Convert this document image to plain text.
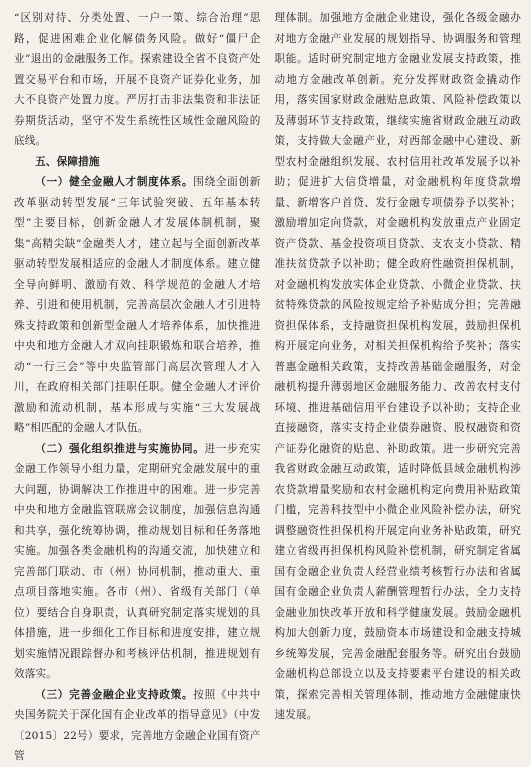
“区别对待、分类处置、一户一策、综合治理”思路，促进困难企业化解债务风险。做好“僵尸企业”退出的金融服务工作。探索建设全省不良资产处置交易平台和市场，开展不良资产证券化业务，加大不良资产处置力度。严厉打击非法集资和非法证券期货活动，坚守不发生系统性区域性金融风险的底线。

五、保障措施

（一）健全金融人才制度体系。围绕全面创新改革驱动转型发展“三年试验突破、五年基本转型”主要目标，创新金融人才发展体制机制，聚集“高精尖缺”金融类人才，建立起与全面创新改革驱动转型发展相适应的金融人才制度体系。建立健全导向鲜明、激励有效、科学规范的金融人才培养、引进和使用机制，完善高层次金融人才引进特殊支持政策和创新型金融人才培养体系，加快推进中央和地方金融人才双向挂职锻炼和联合培养，推动“一行三会”等中央监管部门高层次管理人才入川，在政府相关部门挂职任职。健全金融人才评价激励和流动机制，基本形成与实施“三大发展战略”相匹配的金融人才队伍。

（二）强化组织推进与实施协同。进一步充实金融工作领导小组力量，定期研究金融发展中的重大问题，协调解决工作推进中的困难。进一步完善中央和地方金融监管联席会议制度，加强信息沟通和共享，强化统筹协调，推动规划目标和任务落地实施。加强各类金融机构的沟通交流，加快建立和完善部门联动、市（州）协同机制，推动重大、重点项目落地实施。各市（州）、省级有关部门（单位）要结合自身职责，认真研究制定落实规划的具体措施，进一步细化工作目标和进度安排，建立规划实施情况跟踪督办和考核评估机制，推进规划有效落实。

（三）完善金融企业支持政策。按照《中共中央国务院关于深化国有企业改革的指导意见》（中发〔2015〕22号）要求，完善地方金融企业国有资产管

理体制。加强地方金融企业建设，强化各级金融办对地方金融产业发展的规划指导、协调服务和管理职能。适时研究制定地方金融业发展支持政策，推动地方金融改革创新。充分发挥财政资金撬动作用，落实国家财政金融贴息政策、风险补偿政策以及薄弱环节支持政策，继续实施省财政金融互动政策，支持做大金融产业，对西部金融中心建设、新型农村金融组织发展、农村信用社改革发展予以补助；促进扩大信贷增量，对金融机构年度贷款增量、新增客户首贷、发行金融专项债券予以奖补；激励增加定向贷款，对金融机构发放重点产业固定资产贷款、基金投资项目贷款、支农支小贷款、精准扶贫贷款予以补助；健全政府性融资担保机制，对金融机构发放实体企业贷款、小微企业贷款、扶贫特殊贷款的风险按规定给予补贴成分担；完善融资担保体系，支持融资担保机构发展，鼓励担保机构开展定向业务，对相关担保机构给予奖补；落实普惠金融相关政策，支持改善基础金融服务，对金融机构提升薄弱地区金融服务能力、改善农村支付环境、推进基础信用平台建设予以补助；支持企业直接融资，落实支持企业债券融资、股权融资和资产证券化融资的贴息、补助政策。进一步研究完善我省财政金融互动政策，适时降低县域金融机构涉农贷款增量奖励和农村金融机构定向费用补贴政策门槛，完善科技型中小微企业风险补偿办法，研究调整融资性担保机构开展定向业务补贴政策，研究建立省级再担保机构风险补偿机制，研究制定省属国有金融企业负责人经营业绩考核暂行办法和省属国有金融企业负责人薪酬管理暂行办法，全力支持金融业加快改革开放和科学健康发展。鼓励金融机构加大创新力度，鼓励资本市场建设和金融支持城乡统筹发展，完善金融配套服务等。研究出台鼓励金融机构总部设立以及支持要素平台建设的相关政策，探索完善相关管理体制，推动地方金融健康快速发展。
